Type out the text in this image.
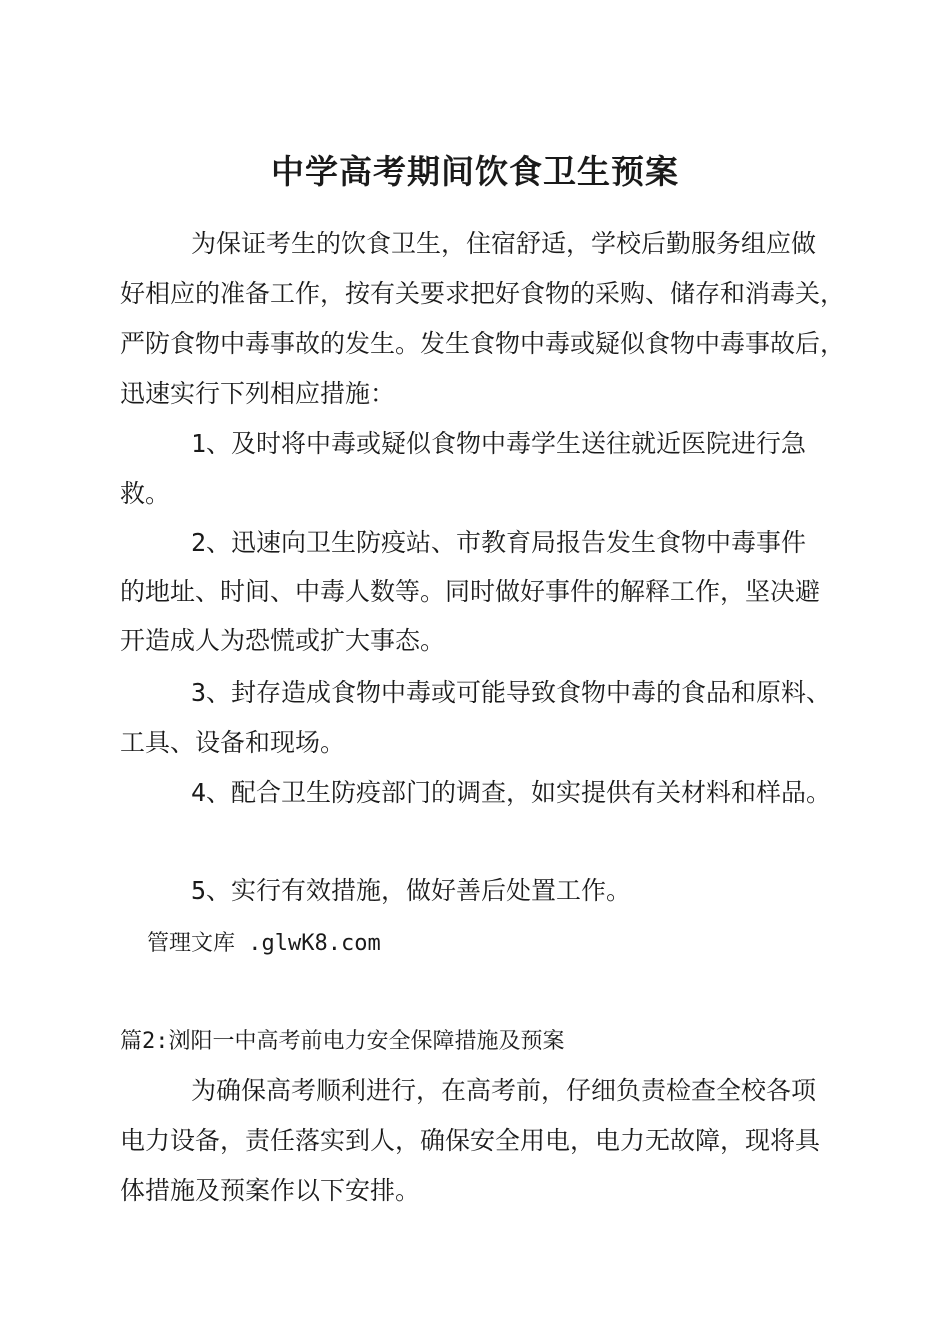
中学高考期间饮食卫生预案
为保证考生的饮食卫生，住宿舒适，学校后勤服务组应做
好相应的准备工作，按有关要求把好食物的采购、储存和消毒关，
严防食物中毒事故的发生。发生食物中毒或疑似食物中毒事故后，
迅速实行下列相应措施：
1、及时将中毒或疑似食物中毒学生送往就近医院进行急
救。
2、迅速向卫生防疫站、市教育局报告发生食物中毒事件
的地址、时间、中毒人数等。同时做好事件的解释工作，坚决避
开造成人为恐慌或扩大事态。
3、封存造成食物中毒或可能导致食物中毒的食品和原料、
工具、设备和现场。
4、配合卫生防疫部门的调查，如实提供有关材料和样品。
5、实行有效措施，做好善后处置工作。
管理文库 .glwK8.com
篇2:浏阳一中高考前电力安全保障措施及预案
为确保高考顺利进行，在高考前，仔细负责检查全校各项
电力设备，责任落实到人，确保安全用电，电力无故障，现将具
体措施及预案作以下安排。
